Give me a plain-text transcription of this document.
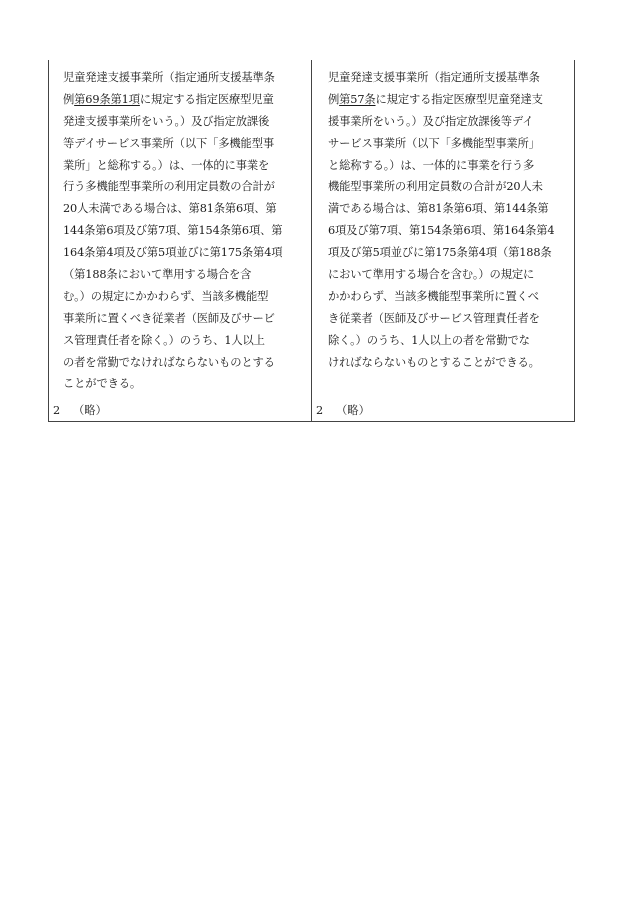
児童発達支援事業所（指定通所支援基準条
例第69条第1項に規定する指定医療型児童
発達支援事業所をいう。）及び指定放課後
等デイサービス事業所（以下「多機能型事
業所」と総称する。）は、一体的に事業を
行う多機能型事業所の利用定員数の合計が
20人未満である場合は、第81条第6項、第
144条第6項及び第7項、第154条第6項、第
164条第4項及び第5項並びに第175条第4項
（第188条において準用する場合を含
む。）の規定にかかわらず、当該多機能型
事業所に置くべき従業者（医師及びサービ
ス管理責任者を除く。）のうち、1人以上
の者を常勤でなければならないものとする
ことができる。
児童発達支援事業所（指定通所支援基準条
例第57条に規定する指定医療型児童発達支
援事業所をいう。）及び指定放課後等デイ
サービス事業所（以下「多機能型事業所」
と総称する。）は、一体的に事業を行う多
機能型事業所の利用定員数の合計が20人未
満である場合は、第81条第6項、第144条第
6項及び第7項、第154条第6項、第164条第4
項及び第5項並びに第175条第4項（第188条
において準用する場合を含む。）の規定に
かかわらず、当該多機能型事業所に置くべ
き従業者（医師及びサービス管理責任者を
除く。）のうち、1人以上の者を常勤でな
ければならないものとすることができる。
2 （略）	2 （略）
